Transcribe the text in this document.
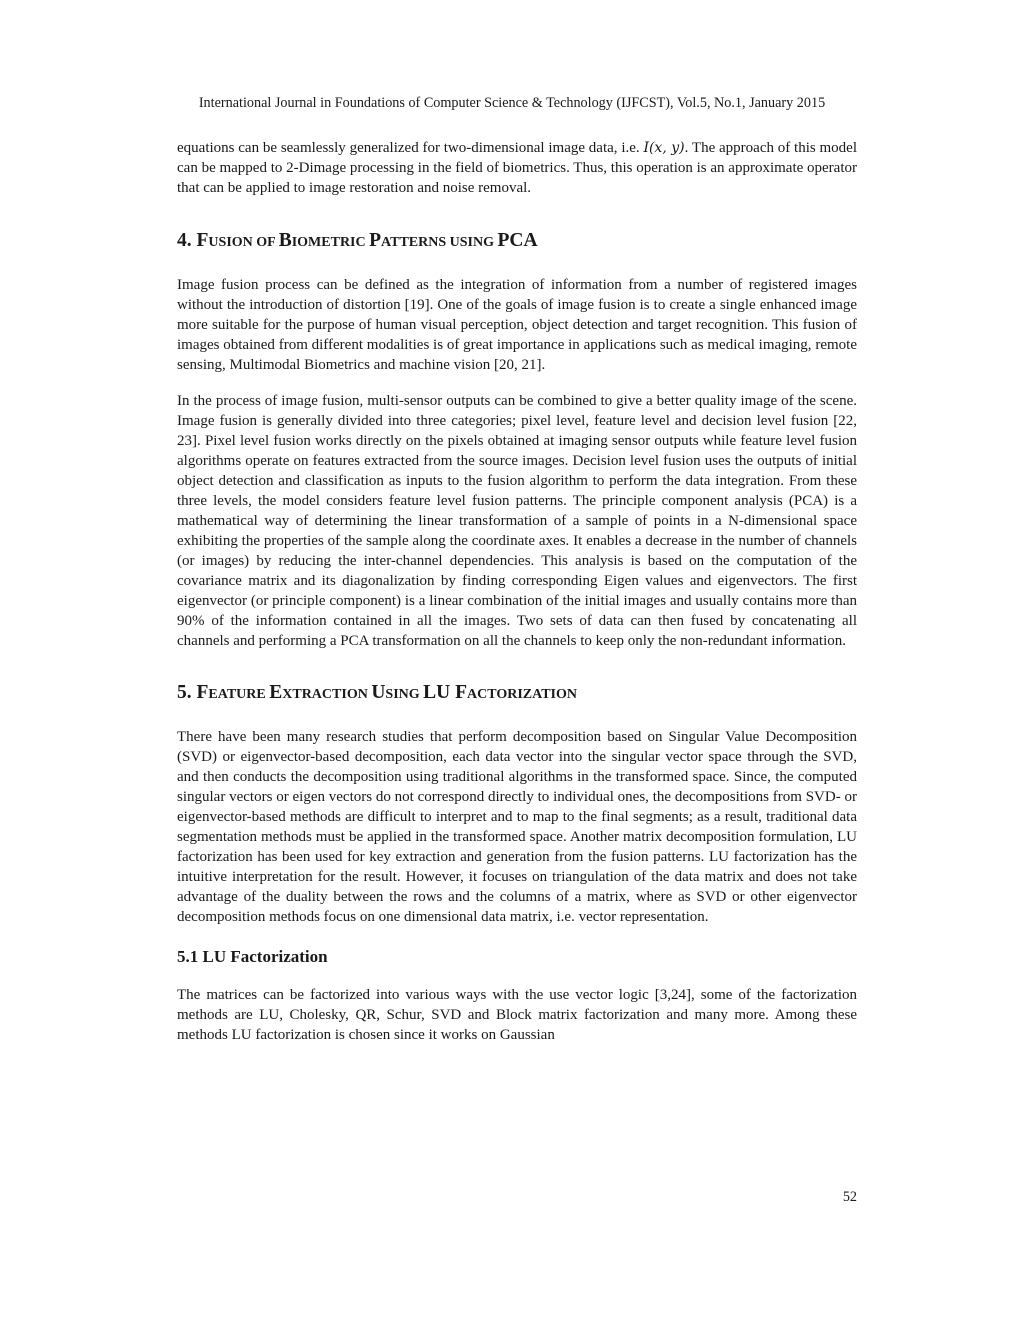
International Journal in Foundations of Computer Science & Technology (IJFCST), Vol.5, No.1, January 2015

equations can be seamlessly generalized for two-dimensional image data, i.e. I(x, y). The approach of this model can be mapped to 2-Dimage processing in the field of biometrics. Thus, this operation is an approximate operator that can be applied to image restoration and noise removal.

4. FUSION OF BIOMETRIC PATTERNS USING PCA

Image fusion process can be defined as the integration of information from a number of registered images without the introduction of distortion [19]. One of the goals of image fusion is to create a single enhanced image more suitable for the purpose of human visual perception, object detection and target recognition. This fusion of images obtained from different modalities is of great importance in applications such as medical imaging, remote sensing, Multimodal Biometrics and machine vision [20, 21].

In the process of image fusion, multi-sensor outputs can be combined to give a better quality image of the scene. Image fusion is generally divided into three categories; pixel level, feature level and decision level fusion [22, 23]. Pixel level fusion works directly on the pixels obtained at imaging sensor outputs while feature level fusion algorithms operate on features extracted from the source images. Decision level fusion uses the outputs of initial object detection and classification as inputs to the fusion algorithm to perform the data integration. From these three levels, the model considers feature level fusion patterns. The principle component analysis (PCA) is a mathematical way of determining the linear transformation of a sample of points in a N-dimensional space exhibiting the properties of the sample along the coordinate axes. It enables a decrease in the number of channels (or images) by reducing the inter-channel dependencies. This analysis is based on the computation of the covariance matrix and its diagonalization by finding corresponding Eigen values and eigenvectors. The first eigenvector (or principle component) is a linear combination of the initial images and usually contains more than 90% of the information contained in all the images. Two sets of data can then fused by concatenating all channels and performing a PCA transformation on all the channels to keep only the non-redundant information.

5. FEATURE EXTRACTION USING LU FACTORIZATION

There have been many research studies that perform decomposition based on Singular Value Decomposition (SVD) or eigenvector-based decomposition, each data vector into the singular vector space through the SVD, and then conducts the decomposition using traditional algorithms in the transformed space. Since, the computed singular vectors or eigen vectors do not correspond directly to individual ones, the decompositions from SVD- or eigenvector-based methods are difficult to interpret and to map to the final segments; as a result, traditional data segmentation methods must be applied in the transformed space. Another matrix decomposition formulation, LU factorization has been used for key extraction and generation from the fusion patterns. LU factorization has the intuitive interpretation for the result. However, it focuses on triangulation of the data matrix and does not take advantage of the duality between the rows and the columns of a matrix, where as SVD or other eigenvector decomposition methods focus on one dimensional data matrix, i.e. vector representation.

5.1 LU Factorization

The matrices can be factorized into various ways with the use vector logic [3,24], some of the factorization methods are LU, Cholesky, QR, Schur, SVD and Block matrix factorization and many more. Among these methods LU factorization is chosen since it works on Gaussian

52
